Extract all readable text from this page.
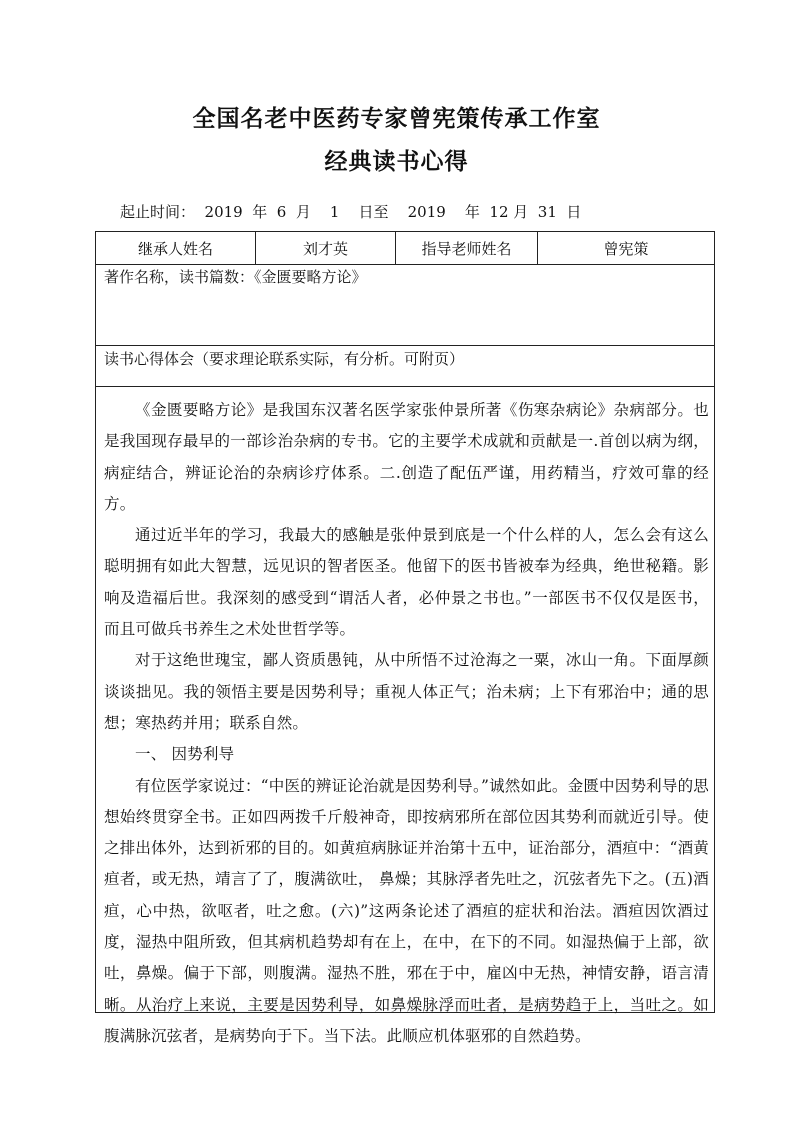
全国名老中医药专家曾宪策传承工作室
经典读书心得
起止时间：  2019  年  6  月    1    日至    2019    年  12 月  31  日
继承人姓名	刘才英	指导老师姓名	曾宪策
著作名称，读书篇数：《金匮要略方论》
读书心得体会（要求理论联系实际，有分析。可附页）

《金匮要略方论》是我国东汉著名医学家张仲景所著《伤寒杂病论》杂病部分。也是我国现存最早的一部诊治杂病的专书。它的主要学术成就和贡献是一.首创以病为纲，病症结合，辨证论治的杂病诊疗体系。二.创造了配伍严谨，用药精当，疗效可靠的经方。

通过近半年的学习，我最大的感触是张仲景到底是一个什么样的人，怎么会有这么聪明拥有如此大智慧，远见识的智者医圣。他留下的医书皆被奉为经典，绝世秘籍。影响及造福后世。我深刻的感受到“谓活人者，必仲景之书也。”一部医书不仅仅是医书，而且可做兵书养生之术处世哲学等。

对于这绝世瑰宝，鄙人资质愚钝，从中所悟不过沧海之一粟，冰山一角。下面厚颜谈谈拙见。我的领悟主要是因势利导；重视人体正气；治未病；上下有邪治中；通的思想；寒热药并用；联系自然。

一、 因势利导

有位医学家说过：“中医的辨证论治就是因势利导。”诚然如此。金匮中因势利导的思想始终贯穿全书。正如四两拨千斤般神奇，即按病邪所在部位因其势利而就近引导。使之排出体外，达到祈邪的目的。如黄疸病脉证并治第十五中，证治部分，酒疸中：“酒黄疸者，或无热，靖言了了，腹满欲吐， 鼻燥；其脉浮者先吐之，沉弦者先下之。(五)酒疸，心中热，欲呕者，吐之愈。(六)”这两条论述了酒疸的症状和治法。酒疸因饮酒过度，湿热中阻所致，但其病机趋势却有在上，在中，在下的不同。如湿热偏于上部，欲吐，鼻燥。偏于下部，则腹满。湿热不胜，邪在于中，雇凶中无热，神情安静，语言清晰。从治疗上来说，主要是因势利导，如鼻燥脉浮而吐者，是病势趋于上，当吐之。如腹满脉沉弦者，是病势向于下。当下法。此顺应机体驱邪的自然趋势。
